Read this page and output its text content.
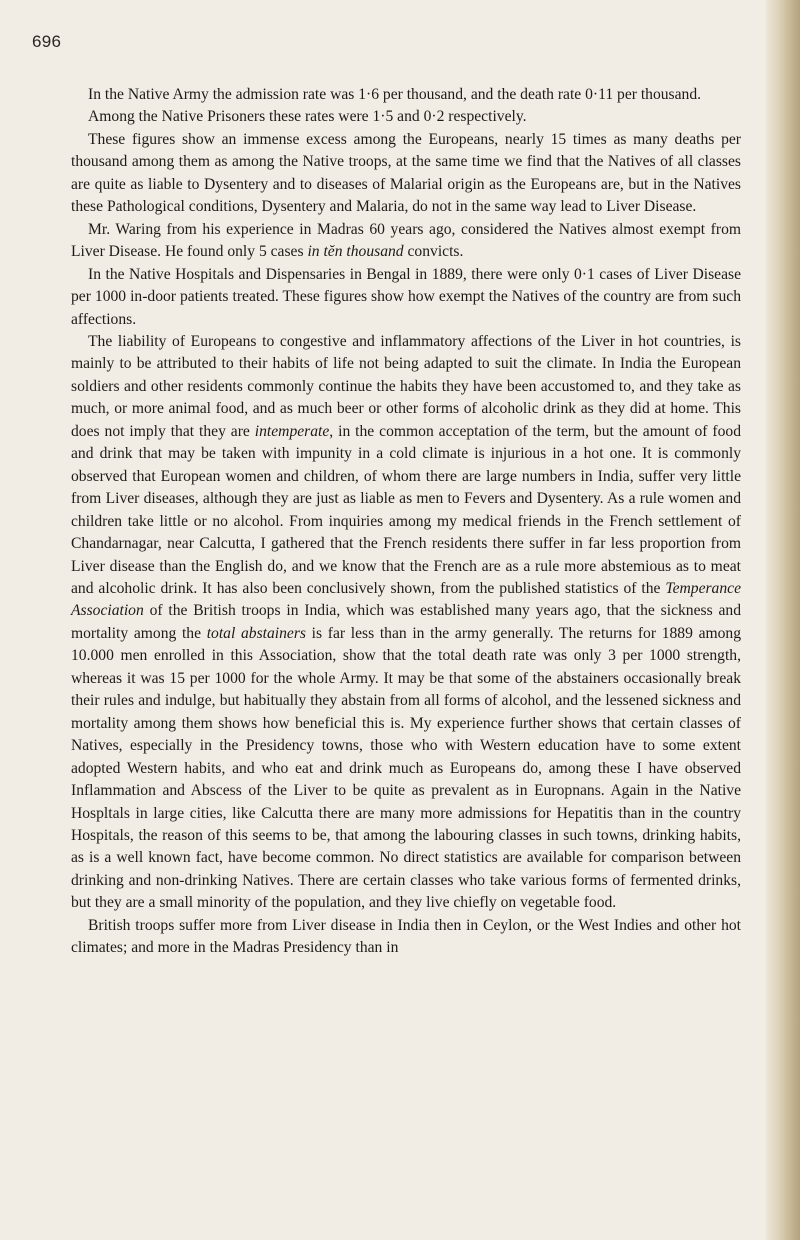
696

In the Native Army the admission rate was 1·6 per thousand, and the death rate 0·11 per thousand.

Among the Native Prisoners these rates were 1·5 and 0·2 respectively.

These figures show an immense excess among the Europeans, nearly 15 times as many deaths per thousand among them as among the Native troops, at the same time we find that the Natives of all classes are quite as liable to Dysentery and to diseases of Malarial origin as the Europeans are, but in the Natives these Pathological conditions, Dysentery and Malaria, do not in the same way lead to Liver Disease.

Mr. Waring from his experience in Madras 60 years ago, considered the Natives almost exempt from Liver Disease. He found only 5 cases in tĕn thousand convicts.

In the Native Hospitals and Dispensaries in Bengal in 1889, there were only 0·1 cases of Liver Disease per 1000 in-door patients treated. These figures show how exempt the Natives of the country are from such affections.

The liability of Europeans to congestive and inflammatory affections of the Liver in hot countries, is mainly to be attributed to their habits of life not being adapted to suit the climate. In India the European soldiers and other residents commonly continue the habits they have been accustomed to, and they take as much, or more animal food, and as much beer or other forms of alcoholic drink as they did at home. This does not imply that they are intemperate, in the common acceptation of the term, but the amount of food and drink that may be taken with impunity in a cold climate is injurious in a hot one. It is commonly observed that European women and children, of whom there are large numbers in India, suffer very little from Liver diseases, although they are just as liable as men to Fevers and Dysentery. As a rule women and children take little or no alcohol. From inquiries among my medical friends in the French settlement of Chandarnagar, near Calcutta, I gathered that the French residents there suffer in far less proportion from Liver disease than the English do, and we know that the French are as a rule more abstemious as to meat and alcoholic drink. It has also been conclusively shown, from the published statistics of the Temperance Association of the British troops in India, which was established many years ago, that the sickness and mortality among the total abstainers is far less than in the army generally. The returns for 1889 among 10.000 men enrolled in this Association, show that the total death rate was only 3 per 1000 strength, whereas it was 15 per 1000 for the whole Army. It may be that some of the abstainers occasionally break their rules and indulge, but habitually they abstain from all forms of alcohol, and the lessened sickness and mortality among them shows how beneficial this is. My experience further shows that certain classes of Natives, especially in the Presidency towns, those who with Western education have to some extent adopted Western habits, and who eat and drink much as Europeans do, among these I have observed Inflammation and Abscess of the Liver to be quite as prevalent as in Europnans. Again in the Native Hospltals in large cities, like Calcutta there are many more admissions for Hepatitis than in the country Hospitals, the reason of this seems to be, that among the labouring classes in such towns, drinking habits, as is a well known fact, have become common. No direct statistics are available for comparison between drinking and non-drinking Natives. There are certain classes who take various forms of fermented drinks, but they are a small minority of the population, and they live chiefly on vegetable food.

British troops suffer more from Liver disease in India then in Ceylon, or the West Indies and other hot climates; and more in the Madras Presidency than in
